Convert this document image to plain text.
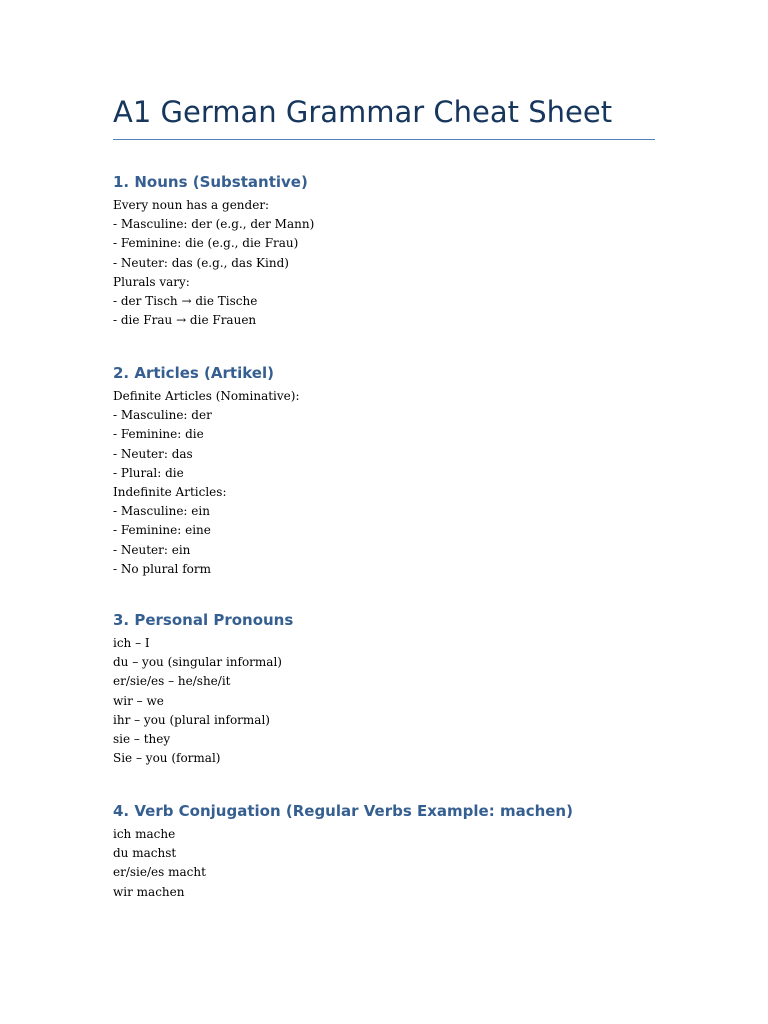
A1 German Grammar Cheat Sheet
1. Nouns (Substantive)
Every noun has a gender:
- Masculine: der (e.g., der Mann)
- Feminine: die (e.g., die Frau)
- Neuter: das (e.g., das Kind)
Plurals vary:
- der Tisch → die Tische
- die Frau → die Frauen
2. Articles (Artikel)
Definite Articles (Nominative):
- Masculine: der
- Feminine: die
- Neuter: das
- Plural: die
Indefinite Articles:
- Masculine: ein
- Feminine: eine
- Neuter: ein
- No plural form
3. Personal Pronouns
ich – I
du – you (singular informal)
er/sie/es – he/she/it
wir – we
ihr – you (plural informal)
sie – they
Sie – you (formal)
4. Verb Conjugation (Regular Verbs Example: machen)
ich mache
du machst
er/sie/es macht
wir machen
